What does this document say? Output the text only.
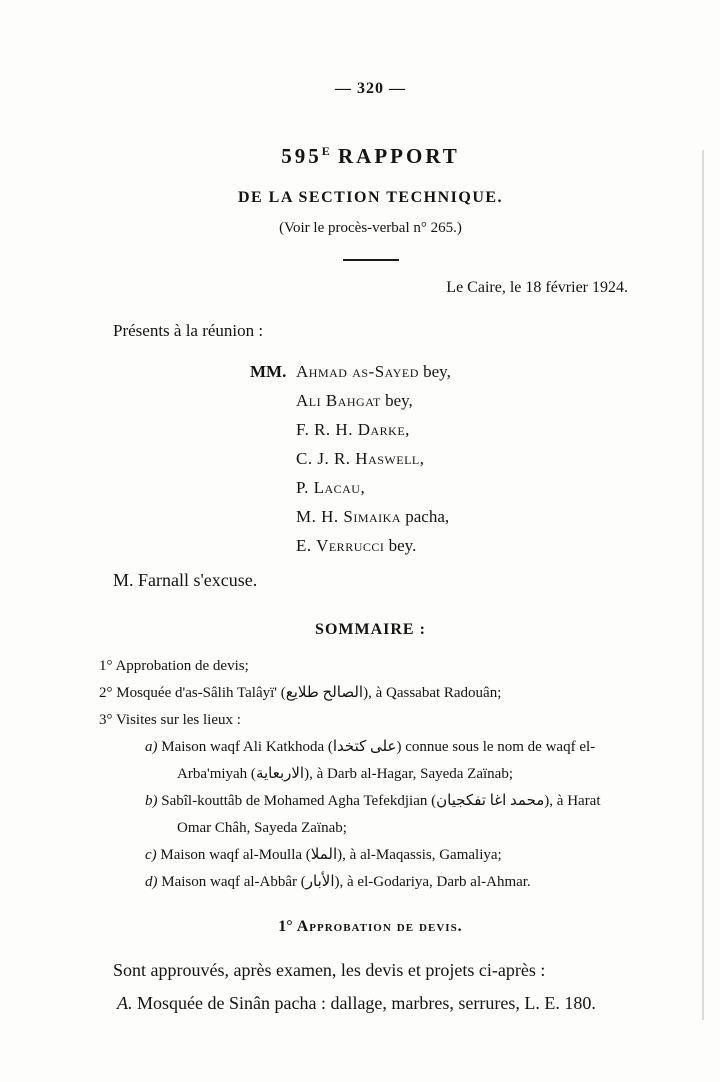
— 320 —
$595^E$ RAPPORT
DE LA SECTION TECHNIQUE.
(Voir le procès-verbal n° 265.)
Le Caire, le 18 février 1924.
Présents à la réunion :
MM. Ahmad as-Sayed bey,
Ali Bahgat bey,
F. R. H. Darke,
C. J. R. Haswell,
P. Lacau,
M. H. Simaika pacha,
E. Verrucci bey.
M. Farnall s'excuse.
SOMMAIRE :
1° Approbation de devis;
2° Mosquée d'as-Sâlih Talâyï' (الصالح طلايع), à Qassabat Radouân;
3° Visites sur les lieux :
a) Maison waqf Ali Katkhoda (على كتخدا) connue sous le nom de waqf el-Arba'miyah (الاربعاية), à Darb al-Hagar, Sayeda Zaïnab;
b) Sabîl-kouttâb de Mohamed Agha Tefekdjian (محمد اغا تفكجيان), à Harat Omar Châh, Sayeda Zaïnab;
c) Maison waqf al-Moulla (الملا), à al-Maqassis, Gamaliya;
d) Maison waqf al-Abbâr (الأبار), à el-Godariya, Darb al-Ahmar.
1° Approbation de devis.
Sont approuvés, après examen, les devis et projets ci-après :
A. Mosquée de Sinân pacha : dallage, marbres, serrures, L. E. 180.
